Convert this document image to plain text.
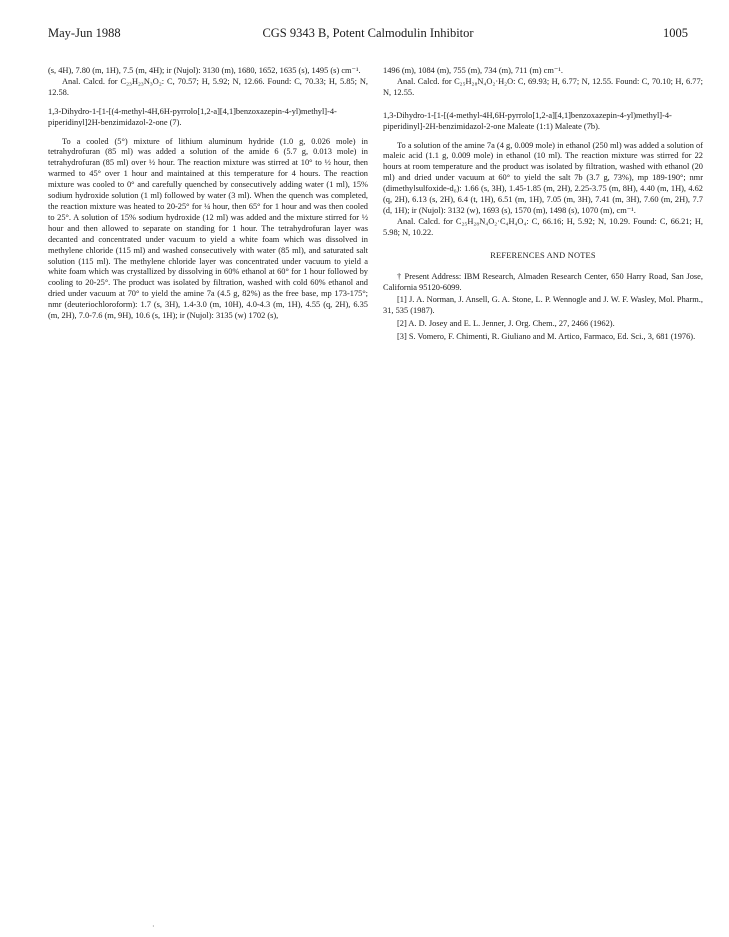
May-Jun 1988	CGS 9343 B, Potent Calmodulin Inhibitor	1005

(s, 4H), 7.80 (m, 1H), 7.5 (m, 4H); ir (Nujol): 3130 (m), 1680, 1652, 1635 (s), 1495 (s) cm⁻¹.

Anal. Calcd. for C₂₃H₂₃N₃O₂: C, 70.57; H, 5.92; N, 12.66. Found: C, 70.33; H, 5.85; N, 12.58.

1,3-Dihydro-1-[1-[(4-methyl-4H,6H-pyrrolo[1,2-a][4,1]benzoxazepin-4-yl)methyl]-4-piperidinyl]2H-benzimidazol-2-one (7).

To a cooled (5°) mixture of lithium aluminum hydride (1.0 g, 0.026 mole) in tetrahydrofuran (85 ml) was added a solution of the amide 6 (5.7 g, 0.013 mole) in tetrahydrofuran (85 ml) over ½ hour. The reaction mixture was stirred at 10° to ½ hour, then warmed to 45° over 1 hour and maintained at this temperature for 4 hours. The reaction mixture was cooled to 0° and carefully quenched by consecutively adding water (1 ml), 15% sodium hydroxide solution (1 ml) followed by water (3 ml). When the quench was completed, the reaction mixture was heated to 20-25° for ¼ hour, then 65° for 1 hour and was then cooled to 25°. A solution of 15% sodium hydroxide (12 ml) was added and the mixture stirred for ½ hour and then allowed to separate on standing for 1 hour. The tetrahydrofuran layer was decanted and concentrated under vacuum to yield a white foam which was dissolved in methylene chloride (115 ml) and washed consecutively with water (85 ml), and saturated salt solution (115 ml). The methylene chloride layer was concentrated under vacuum to yield a white foam which was crystallized by dissolving in 60% ethanol at 60° for 1 hour followed by cooling to 20-25°. The product was isolated by filtration, washed with cold 60% ethanol and dried under vacuum at 70° to yield the amine 7a (4.5 g, 82%) as the free base, mp 173-175°; nmr (deuteriochloroform): 1.7 (s, 3H), 1.4-3.0 (m, 10H), 4.0-4.3 (m, 1H), 4.55 (q, 2H), 6.35 (m, 2H), 7.0-7.6 (m, 9H), 10.6 (s, 1H); ir (Nujol): 3135 (w) 1702 (s),

1496 (m), 1084 (m), 755 (m), 734 (m), 711 (m) cm⁻¹.

Anal. Calcd. for C₂₅H₂₈N₄O₂·H₂O: C, 69.93; H, 6.77; N, 12.55. Found: C, 70.10; H, 6.77; N, 12.55.

1,3-Dihydro-1-[1-[(4-methyl-4H,6H-pyrrolo[1,2-a][4,1]benzoxazepin-4-yl)methyl]-4-piperidinyl]-2H-benzimidazol-2-one Maleate (1:1) Maleate (7b).

To a solution of the amine 7a (4 g, 0.009 mole) in ethanol (250 ml) was added a solution of maleic acid (1.1 g, 0.009 mole) in ethanol (10 ml). The reaction mixture was stirred for 22 hours at room temperature and the product was isolated by filtration, washed with ethanol (20 ml) and dried under vacuum at 60° to yield the salt 7b (3.7 g, 73%), mp 189-190°; nmr (dimethylsulfoxide-d₆): 1.66 (s, 3H), 1.45-1.85 (m, 2H), 2.25-3.75 (m, 8H), 4.40 (m, 1H), 4.62 (q, 2H), 6.13 (s, 2H), 6.4 (t, 1H), 6.51 (m, 1H), 7.05 (m, 3H), 7.41 (m, 3H), 7.60 (m, 2H), 7.7 (d, 1H); ir (Nujol): 3132 (w), 1693 (s), 1570 (m), 1498 (s), 1070 (m), cm⁻¹.

Anal. Calcd. for C₂₅H₂₈N₄O₂·C₄H₄O₄: C, 66.16; H, 5.92; N, 10.29. Found: C, 66.21; H, 5.98; N, 10.22.

REFERENCES AND NOTES

† Present Address: IBM Research, Almaden Research Center, 650 Harry Road, San Jose, California 95120-6099.

[1] J. A. Norman, J. Ansell, G. A. Stone, L. P. Wennogle and J. W. F. Wasley, Mol. Pharm., 31, 535 (1987).

[2] A. D. Josey and E. L. Jenner, J. Org. Chem., 27, 2466 (1962).

[3] S. Vomero, F. Chimenti, R. Giuliano and M. Artico, Farmaco, Ed. Sci., 3, 681 (1976).

·
